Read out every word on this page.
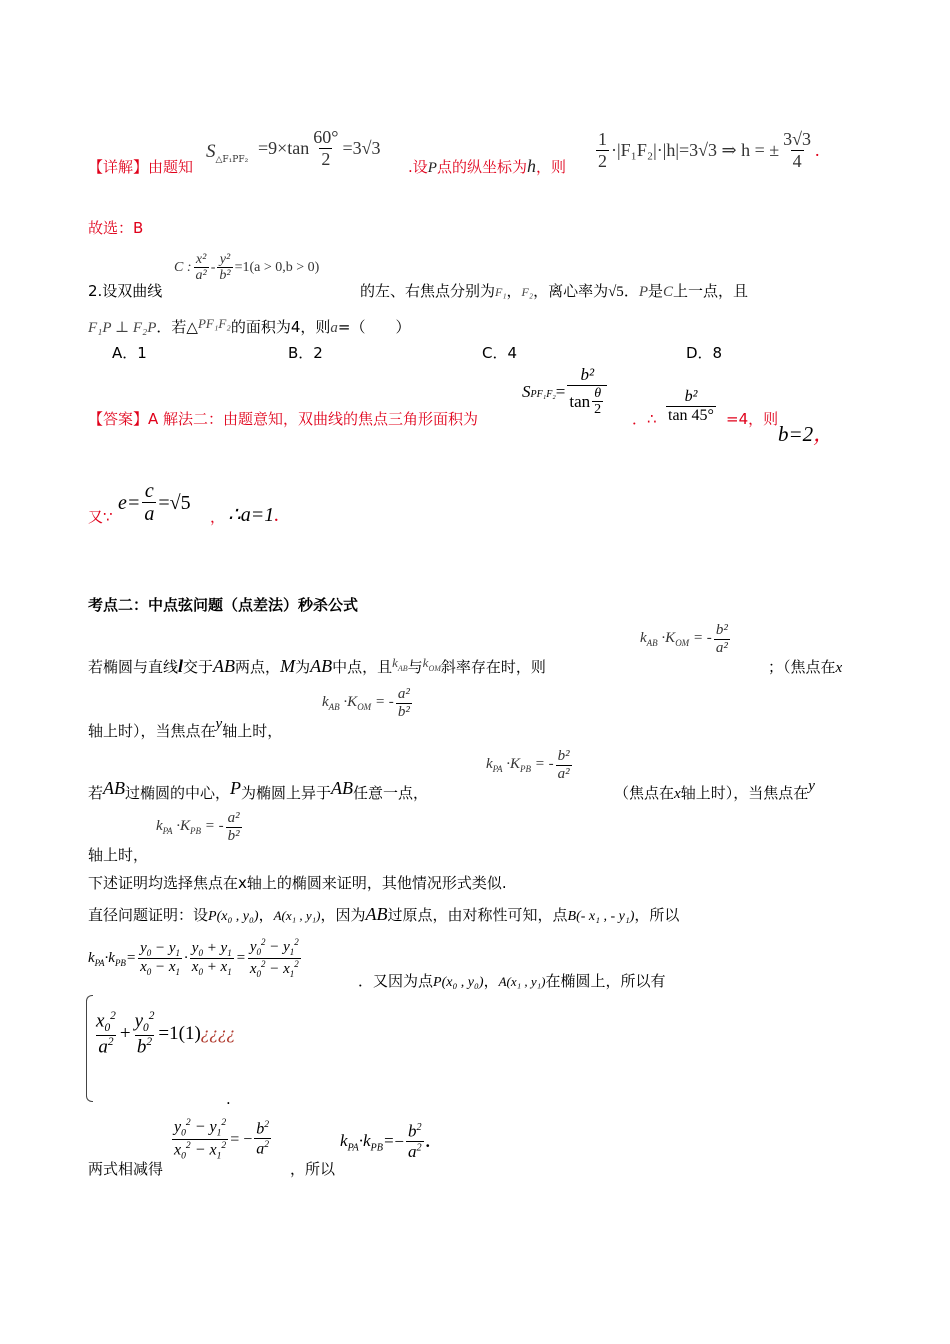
【详解】由题知
$S_{\triangle F_1PF_2}$
$=9\times\tan \frac{60^\circ}{2} =3√3$
.设P点的纵坐标为h，则 $\frac{1}{2} \cdot|F_1F_2|\cdot|h|=3√3$ ⇒ h = ± $\frac{3√3}{4}$ .
故选：B
2.设双曲线
C : $\frac{\text{x²}}{\text{a²}} - \frac{\text{y²}}{\text{b²}} =1(a > 0,b > 0)$
的左、右焦点分别为F₁，F₂，离心率为√5．P是C上一点，且
F₁P ⊥ F₂P．若△PF₁F₂的面积为4，则a=（　　）
A．1	B．2	C．4	D．8
【答案】A 解法二：由题意知，双曲线的焦点三角形面积为
S $PF_1F_2 = \frac{\text{b²}}{\tan \frac{\theta}{2}}$
．∴ $\frac{\text{b²}}{\tan 45^\circ} =4$，则
b=2，
又∵
$e= \frac{c}{a} =√5$
， ∴a=1.
考点二：中点弦问题（点差法）秒杀公式
若椭圆与直线l交于AB两点，M为AB中点，且$k_{AB}$与$k_{OM}$斜率存在时，则
$k_{AB} \cdot K_{OM}$ = - $\frac{\text{b²}}{\text{a²}}$
；（焦点在x
轴上时），当焦点在y轴上时，
$k_{AB} \cdot K_{OM}$ = - $\frac{\text{a²}}{\text{b²}}$
若AB过椭圆的中心，P为椭圆上异于AB任意一点，
$k_{PA} \cdot K_{PB}$ = - $\frac{\text{b²}}{\text{a²}}$
（焦点在x轴上时），当焦点在y
轴上时，
$k_{PA} \cdot K_{PB}$ = - $\frac{\text{a²}}{\text{b²}}$
下述证明均选择焦点在x轴上的椭圆来证明，其他情况形式类似.
直径问题证明：设P(x₀ , y₀)，A(x₁ , y₁)，因为AB过原点，由对称性可知，点B(- x₁ , - y₁)，所以
$k_{PA}\cdot k_{PB}= \frac{y_0 - y_1}{x_0 - x_1} \cdot \frac{y_0 + y_1}{x_0 + x_1} = \frac{y_0^2 - y_1^2}{x_0^2 - x_1^2}$
．又因为点P(x₀ , y₀)，A(x₁ , y₁)在椭圆上，所以有
$\frac{x_0^2}{a^2} + \frac{y_0^2}{b^2} =1(1)$ ¿¿¿¿
.
两式相减得
$\frac{y_0^2 - y_1^2}{x_0^2 - x_1^2}$ = − $\frac{b^2}{a^2}$
，所以
$k_{PA}\cdot k_{PB}= - \frac{b^2}{a^2}$ .
